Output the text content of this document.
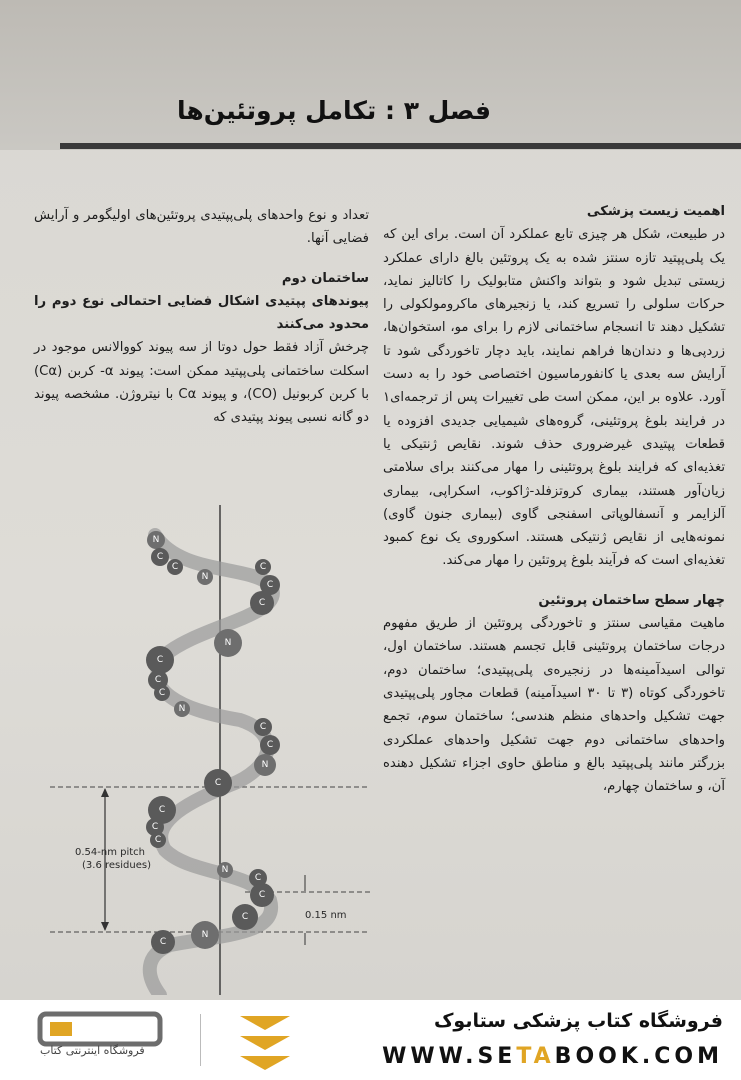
فصل ۳ : تکامل پروتئین‌ها

اهمیت زیست پزشکی

در طبیعت، شکل هر چیزی تابع عملکرد آن است. برای این که یک پلی‌پپتید تازه سنتز شده به یک پروتئین بالغ دارای عملکرد زیستی تبدیل شود و بتواند واکنش متابولیک را کاتالیز نماید، حرکات سلولی را تسریع کند، یا زنجیرهای ماکرومولکولی را تشکیل دهند تا انسجام ساختمانی لازم را برای مو، استخوان‌ها، زردپی‌ها و دندان‌ها فراهم نمایند، باید دچار تاخوردگی شود تا آرایش سه بعدی یا کانفورماسیون اختصاصی خود را به دست آورد. علاوه بر این، ممکن است طی تغییرات پس از ترجمه‌ای۱ در فرایند بلوغ پروتئینی، گروه‌های شیمیایی جدیدی افزوده یا قطعات پپتیدی غیرضروری حذف شوند. نقایص ژنتیکی یا تغذیه‌ای که فرایند بلوغ پروتئینی را مهار می‌کنند برای سلامتی زیان‌آور هستند، بیماری کروتزفلد-ژاکوب، اسکراپی، بیماری آلزایمر و آنسفالوپاتی اسفنجی گاوی (بیماری جنون گاوی) نمونه‌هایی از نقایص ژنتیکی هستند. اسکوروی یک نوع کمبود تغذیه‌ای است که فرآیند بلوغ پروتئین را مهار می‌کند.

چهار سطح ساختمان پروتئین

ماهیت مقیاسی سنتز و تاخوردگی پروتئین از طریق مفهوم درجات ساختمان پروتئینی قابل تجسم هستند. ساختمان اول، توالی اسیدآمینه‌ها در زنجیره‌ی پلی‌پپتیدی؛ ساختمان دوم، تاخوردگی کوتاه (۳ تا ۳۰ اسیدآمینه) قطعات مجاور پلی‌پپتیدی جهت تشکیل واحدهای منظم هندسی؛ ساختمان سوم، تجمع واحدهای ساختمانی دوم جهت تشکیل واحدهای عملکردی بزرگتر مانند پلی‌پپتید بالغ و مناطق حاوی اجزاء تشکیل دهنده آن، و ساختمان چهارم،

تعداد و نوع واحدهای پلی‌پپتیدی پروتئین‌های اولیگومر و آرایش فضایی آنها.

ساختمان دوم

پیوندهای پپتیدی اشکال فضایی احتمالی نوع دوم را محدود می‌کنند

چرخش آزاد فقط حول دوتا از سه پیوند کووالانس موجود در اسکلت ساختمانی پلی‌پپتید ممکن است: پیوند α- کربن (Cα) با کربن کربونیل (CO)، و پیوند Cα با نیتروژن. مشخصه پیوند دو گانه نسبی پیوند پپتیدی که

0.54-nm pitch
(3.6 residues)
0.15 nm
N
C
C
N
C
C
C
N
C
C
C
N
C
C
N
C
C
C
C
N
C
C
C
N
C
فروشگاه اینترنتی کتاب
فروشگاه کتاب پزشکی ستابوک
WWW.SETABOOK.COM
